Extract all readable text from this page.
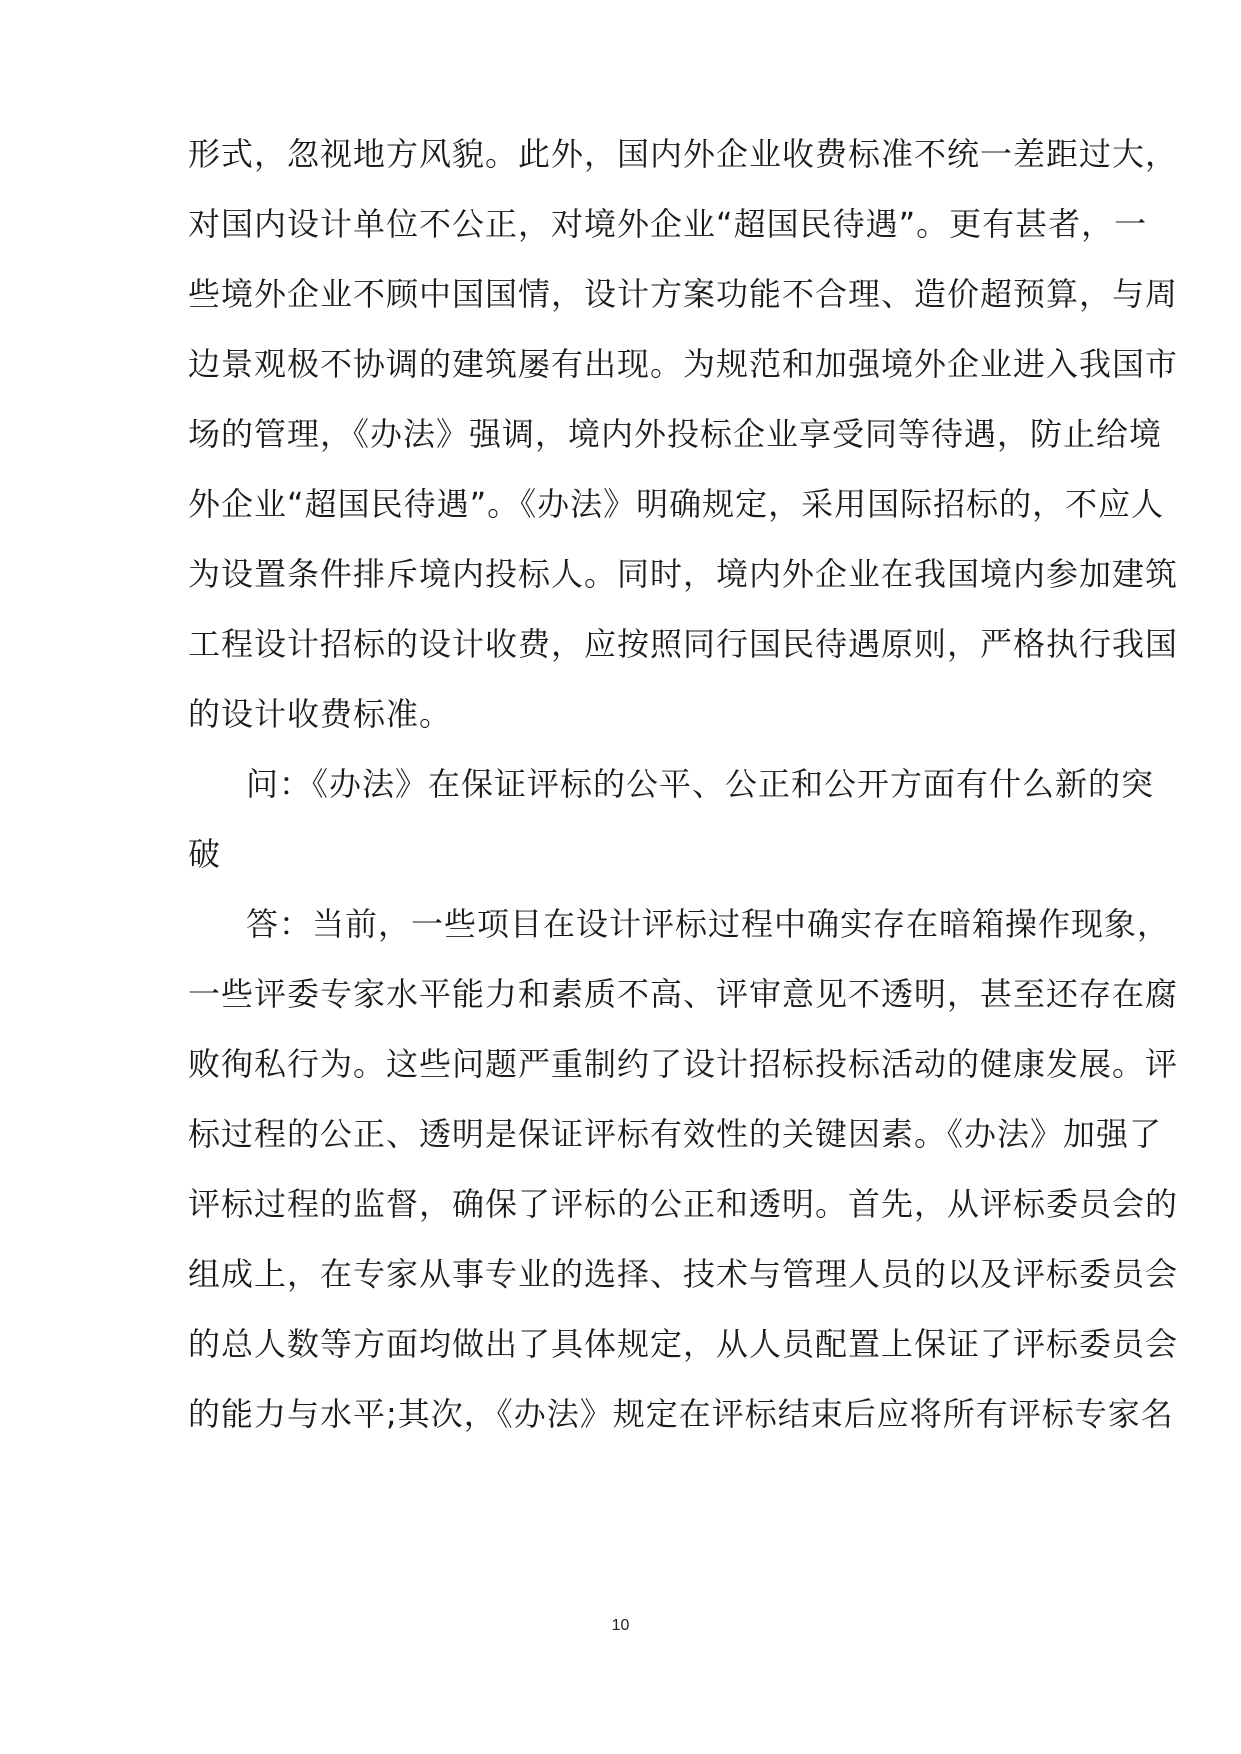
形式，忽视地方风貌。此外，国内外企业收费标准不统一差距过大，
对国内设计单位不公正，对境外企业“超国民待遇”。更有甚者，一
些境外企业不顾中国国情，设计方案功能不合理、造价超预算，与周
边景观极不协调的建筑屡有出现。为规范和加强境外企业进入我国市
场的管理，《办法》强调，境内外投标企业享受同等待遇，防止给境
外企业“超国民待遇”。《办法》明确规定，采用国际招标的，不应人
为设置条件排斥境内投标人。同时，境内外企业在我国境内参加建筑
工程设计招标的设计收费，应按照同行国民待遇原则，严格执行我国
的设计收费标准。
问：《办法》在保证评标的公平、公正和公开方面有什么新的突
破
答：当前，一些项目在设计评标过程中确实存在暗箱操作现象，
一些评委专家水平能力和素质不高、评审意见不透明，甚至还存在腐
败徇私行为。这些问题严重制约了设计招标投标活动的健康发展。评
标过程的公正、透明是保证评标有效性的关键因素。《办法》加强了
评标过程的监督，确保了评标的公正和透明。首先，从评标委员会的
组成上，在专家从事专业的选择、技术与管理人员的以及评标委员会
的总人数等方面均做出了具体规定，从人员配置上保证了评标委员会
的能力与水平;其次，《办法》规定在评标结束后应将所有评标专家名
10
